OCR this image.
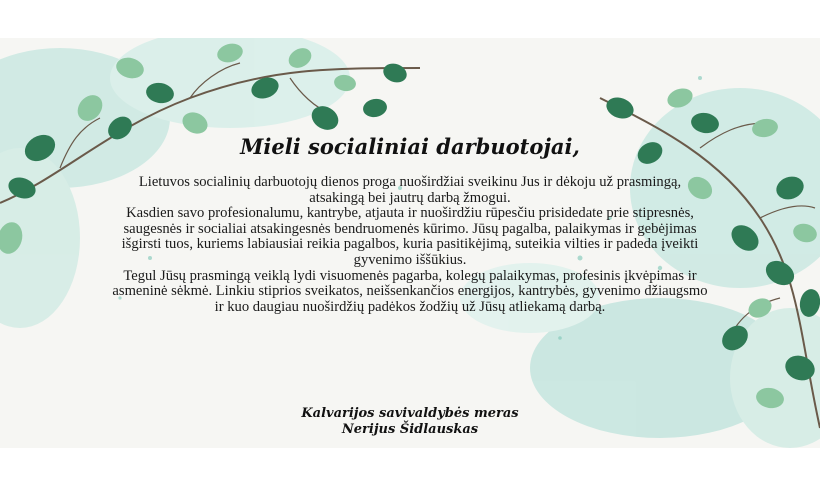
Mieli socialiniai darbuotojai,

Lietuvos socialinių darbuotojų dienos proga nuoširdžiai sveikinu Jus ir dėkoju už prasmingą, atsakingą bei jautrų darbą žmogui.

Kasdien savo profesionalumu, kantrybe, atjauta ir nuoširdžiu rūpesčiu prisidedate prie stipresnės, saugesnės ir socialiai atsakingesnės bendruomenės kūrimo. Jūsų pagalba, palaikymas ir gebėjimas išgirsti tuos, kuriems labiausiai reikia pagalbos, kuria pasitikėjimą, suteikia vilties ir padeda įveikti gyvenimo iššūkius.

Tegul Jūsų prasmingą veiklą lydi visuomenės pagarba, kolegų palaikymas, profesinis įkvėpimas ir asmeninė sėkmė. Linkiu stiprios sveikatos, neišsenkančios energijos, kantrybės, gyvenimo džiaugsmo ir kuo daugiau nuoširdžių padėkos žodžių už Jūsų atliekamą darbą.

Kalvarijos savivaldybės meras
Nerijus Šidlauskas
